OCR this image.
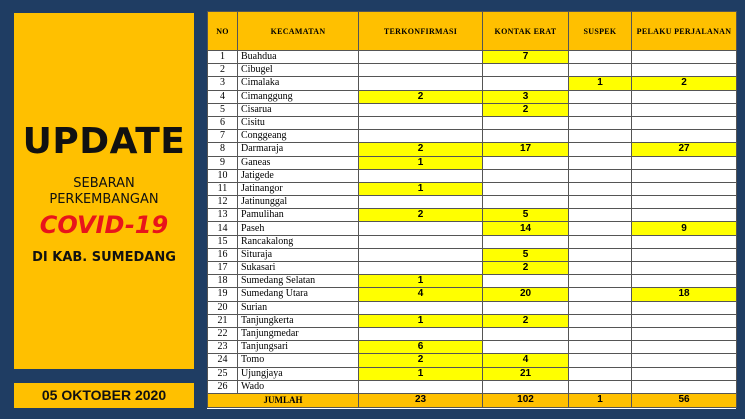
UPDATE
SEBARAN
PERKEMBANGAN
COVID-19
DI KAB. SUMEDANG
05 OKTOBER 2020
NO	KECAMATAN	TERKONFIRMASI	KONTAK ERAT	SUSPEK	PELAKU PERJALANAN
1	Buahdua		7		
2	Cibugel				
3	Cimalaka			1	2
4	Cimanggung	2	3		
5	Cisarua		2		
6	Cisitu				
7	Conggeang				
8	Darmaraja	2	17		27
9	Ganeas	1			
10	Jatigede				
11	Jatinangor	1			
12	Jatinunggal				
13	Pamulihan	2	5		
14	Paseh		14		9
15	Rancakalong				
16	Situraja		5		
17	Sukasari		2		
18	Sumedang Selatan	1			
19	Sumedang Utara	4	20		18
20	Surian				
21	Tanjungkerta	1	2		
22	Tanjungmedar				
23	Tanjungsari	6			
24	Tomo	2	4		
25	Ujungjaya	1	21		
26	Wado				
JUMLAH		23	102	1	56
